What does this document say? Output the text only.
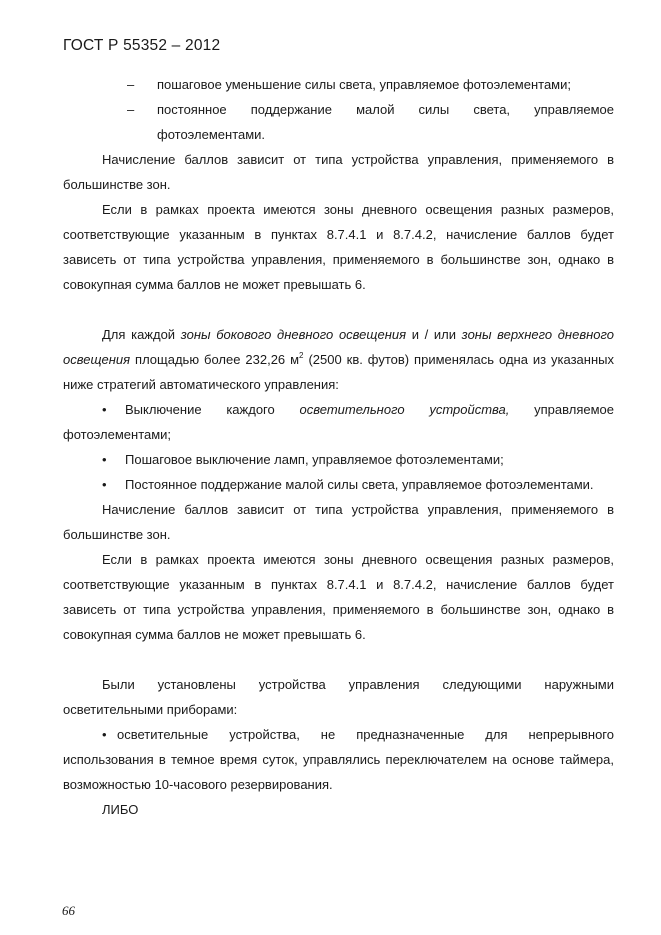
ГОСТ Р 55352 – 2012
–	пошаговое уменьшение силы света, управляемое фотоэлементами;
–	постоянное поддержание малой силы света, управляемое фотоэлементами.
Начисление баллов зависит от типа устройства управления, применяемого в большинстве зон.
Если в рамках проекта имеются зоны дневного освещения разных размеров, соответствующие указанным в пунктах 8.7.4.1 и 8.7.4.2, начисление баллов будет зависеть от типа устройства управления, применяемого в большинстве зон, однако в совокупная сумма баллов не может превышать 6.
Для каждой зоны бокового дневного освещения и / или зоны верхнего дневного освещения площадью более 232,26 $м^2$ (2500 кв. футов) применялась одна из указанных ниже стратегий автоматического управления:
• Выключение каждого осветительного устройства, управляемое фотоэлементами;
• Пошаговое выключение ламп, управляемое фотоэлементами;
• Постоянное поддержание малой силы света, управляемое фотоэлементами.
Начисление баллов зависит от типа устройства управления, применяемого в большинстве зон.
Если в рамках проекта имеются зоны дневного освещения разных размеров, соответствующие указанным в пунктах 8.7.4.1 и 8.7.4.2, начисление баллов будет зависеть от типа устройства управления, применяемого в большинстве зон, однако в совокупная сумма баллов не может превышать 6.
Были установлены устройства управления следующими наружными осветительными приборами:
• осветительные устройства, не предназначенные для непрерывного использования в темное время суток, управлялись переключателем на основе таймера, возможностью 10-часового резервирования.
ЛИБО
66
